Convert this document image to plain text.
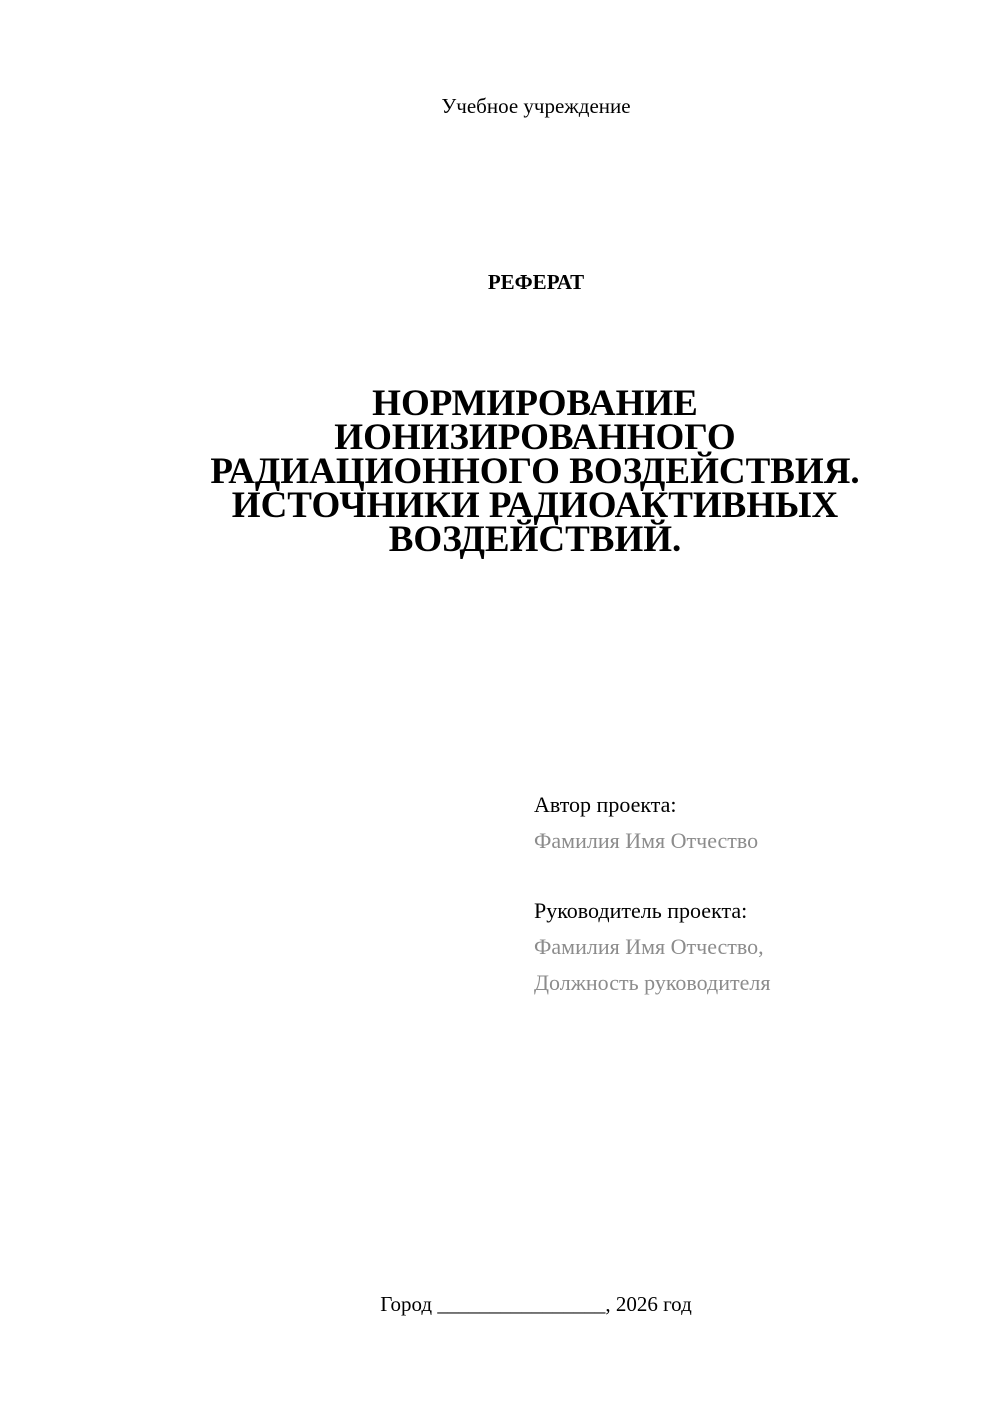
Учебное учреждение
РЕФЕРАТ
НОРМИРОВАНИЕ
ИОНИЗИРОВАННОГО
РАДИАЦИОННОГО ВОЗДЕЙСТВИЯ.
ИСТОЧНИКИ РАДИОАКТИВНЫХ
ВОЗДЕЙСТВИЙ.
Автор проекта:
Фамилия Имя Отчество
Руководитель проекта:
Фамилия Имя Отчество,
Должность руководителя
Город ________________, 2026 год
